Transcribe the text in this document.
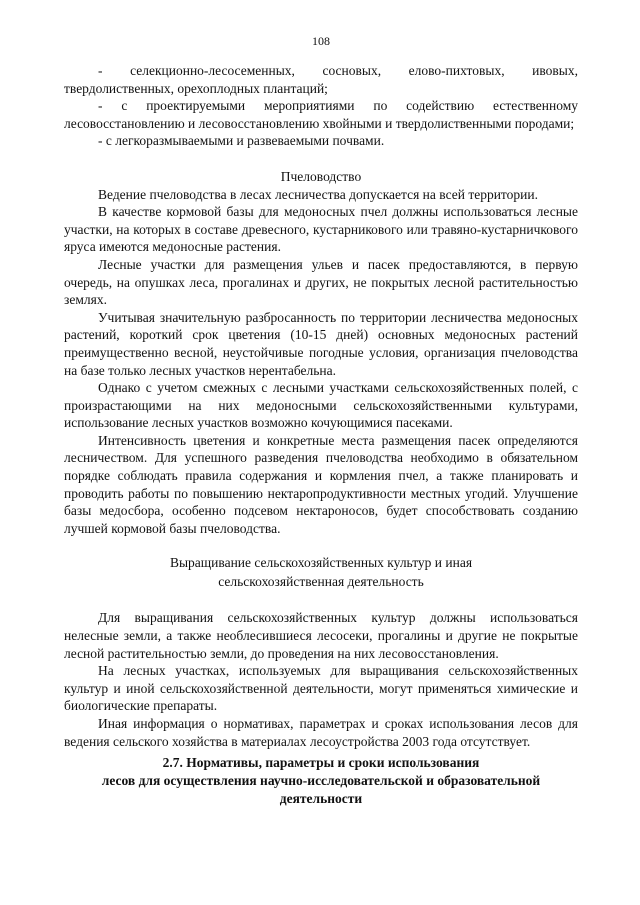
108

- селекционно-лесосеменных, сосновых, елово-пихтовых, ивовых, твердолиственных, орехоплодных плантаций;

- с проектируемыми мероприятиями по содействию естественному лесовосстановлению и лесовосстановлению хвойными и твердолиственными породами;

- с легкоразмываемыми и развеваемыми почвами.

Пчеловодство

Ведение пчеловодства в лесах лесничества допускается на всей территории.

В качестве кормовой базы для медоносных пчел должны использоваться лесные участки, на которых в составе древесного, кустарникового или травяно-кустарничкового яруса имеются медоносные растения.

Лесные участки для размещения ульев и пасек предоставляются, в первую очередь, на опушках леса, прогалинах и других, не покрытых лесной растительностью землях.

Учитывая значительную разбросанность по территории лесничества медоносных растений, короткий срок цветения (10-15 дней) основных медоносных растений преимущественно весной, неустойчивые погодные условия, организация пчеловодства на базе только лесных участков нерентабельна.

Однако с учетом смежных с лесными участками сельскохозяйственных полей, с произрастающими на них медоносными сельскохозяйственными культурами, использование лесных участков возможно кочующимися пасеками.

Интенсивность цветения и конкретные места размещения пасек определяются лесничеством. Для успешного разведения пчеловодства необходимо в обязательном порядке соблюдать правила содержания и кормления пчел, а также планировать и проводить работы по повышению нектаропродуктивности местных угодий. Улучшение базы медосбора, особенно подсевом нектароносов, будет способствовать созданию лучшей кормовой базы пчеловодства.

Выращивание сельскохозяйственных культур и иная
сельскохозяйственная деятельность

Для выращивания сельскохозяйственных культур должны использоваться нелесные земли, а также необлесившиеся лесосеки, прогалины и другие не покрытые лесной растительностью земли, до проведения на них лесовосстановления.

На лесных участках, используемых для выращивания сельскохозяйственных культур и иной сельскохозяйственной деятельности, могут применяться химические и биологические препараты.

Иная информация о нормативах, параметрах и сроках использования лесов для ведения сельского хозяйства в материалах лесоустройства 2003 года отсутствует.

2.7. Нормативы, параметры и сроки использования
лесов для осуществления научно-исследовательской и образовательной
деятельности
